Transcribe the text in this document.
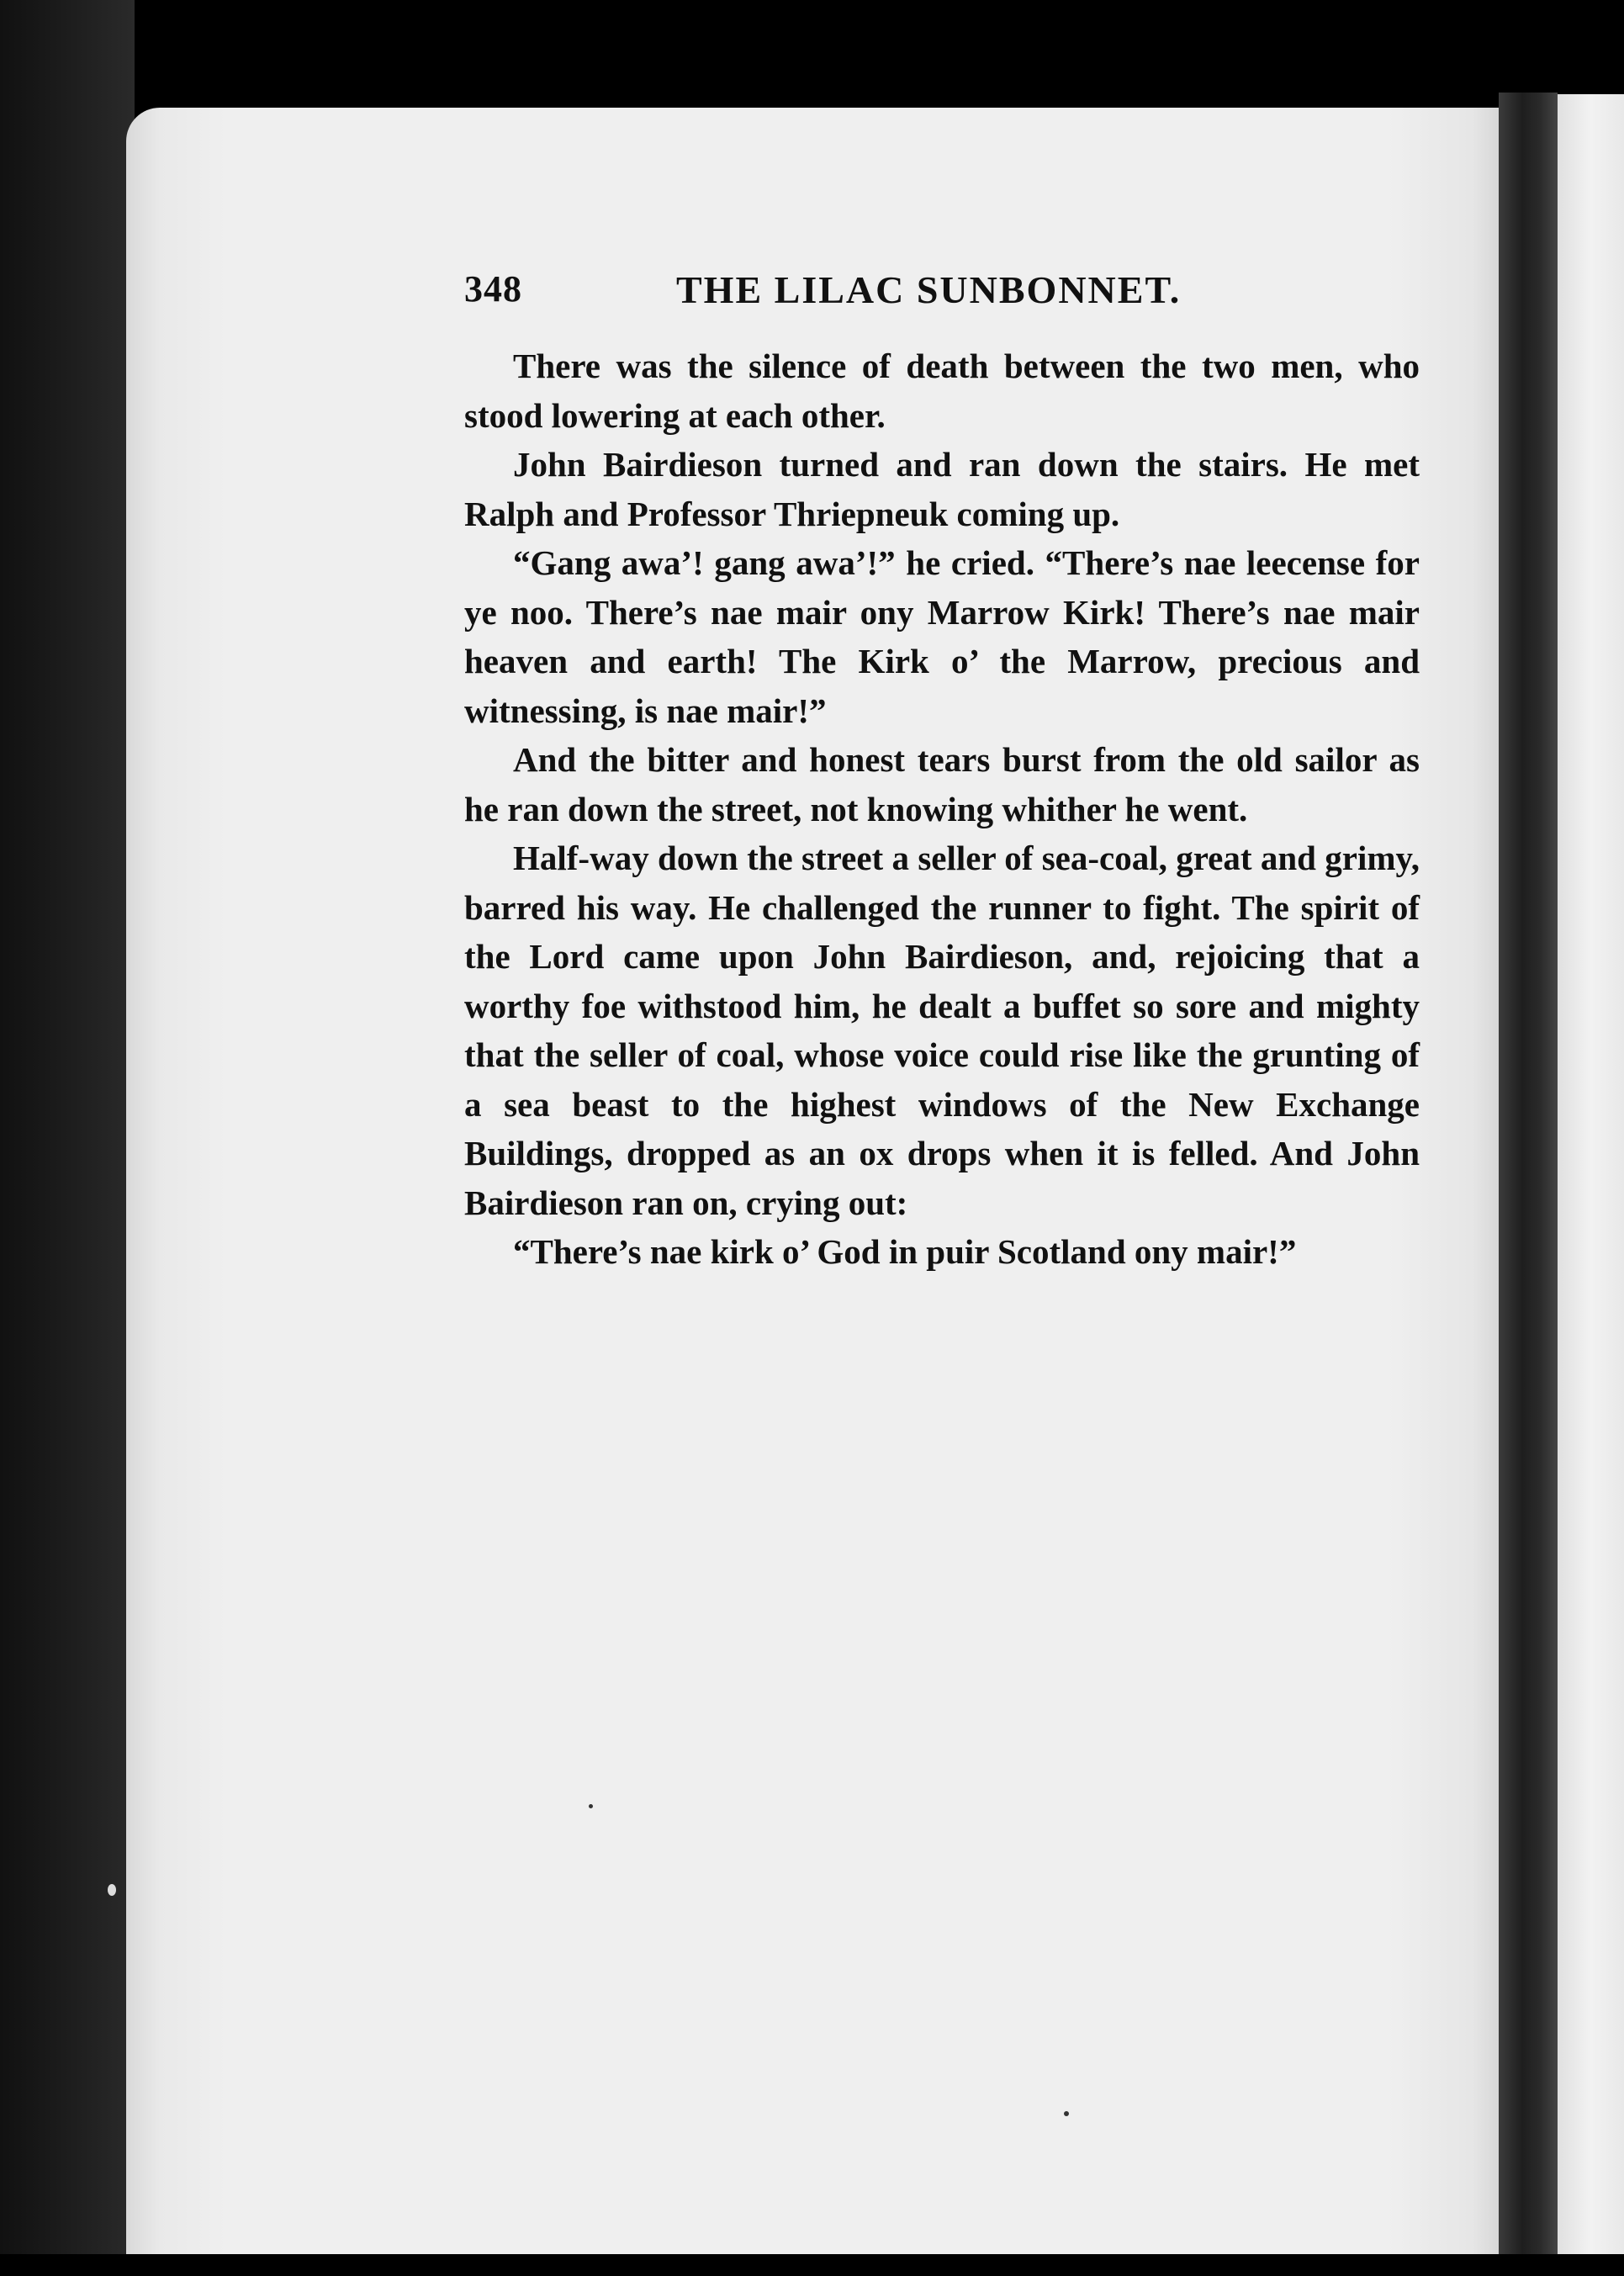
348	THE LILAC SUNBONNET.

There was the silence of death between the two men, who stood lowering at each other.

John Bairdieson turned and ran down the stairs. He met Ralph and Professor Thriepneuk coming up.

“Gang awa’! gang awa’!” he cried. “There’s nae leecense for ye noo. There’s nae mair ony Marrow Kirk! There’s nae mair heaven and earth! The Kirk o’ the Marrow, precious and witnessing, is nae mair!”

And the bitter and honest tears burst from the old sailor as he ran down the street, not knowing whither he went.

Half-way down the street a seller of sea-coal, great and grimy, barred his way. He challenged the runner to fight. The spirit of the Lord came upon John Bairdieson, and, rejoicing that a worthy foe withstood him, he dealt a buffet so sore and mighty that the seller of coal, whose voice could rise like the grunting of a sea beast to the highest windows of the New Exchange Buildings, dropped as an ox drops when it is felled. And John Bairdieson ran on, crying out:

“There’s nae kirk o’ God in puir Scotland ony mair!”
